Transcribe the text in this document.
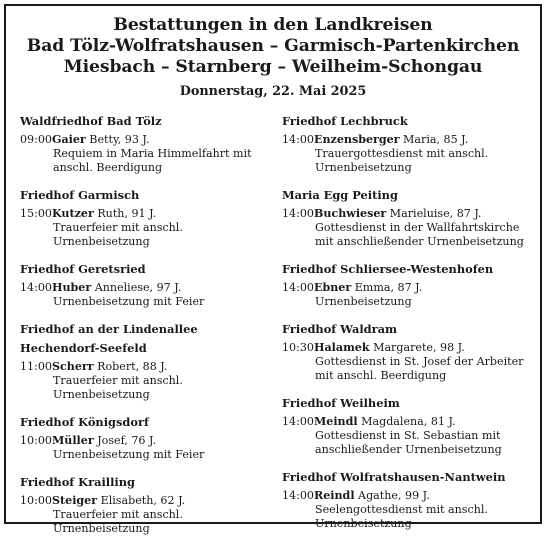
Bestattungen in den Landkreisen
Bad Tölz-Wolfratshausen – Garmisch-Partenkirchen
Miesbach – Starnberg – Weilheim-Schongau
Donnerstag, 22. Mai 2025
Waldfriedhof Bad Tölz
09:00 Gaier Betty, 93 J.
Requiem in Maria Himmelfahrt mit
anschl. Beerdigung
Friedhof Garmisch
15:00 Kutzer Ruth, 91 J.
Trauerfeier mit anschl.
Urnenbeisetzung
Friedhof Geretsried
14:00 Huber Anneliese, 97 J.
Urnenbeisetzung mit Feier
Friedhof an der Lindenallee
Hechendorf-Seefeld
11:00 Scherr Robert, 88 J.
Trauerfeier mit anschl.
Urnenbeisetzung
Friedhof Königsdorf
10:00 Müller Josef, 76 J.
Urnenbeisetzung mit Feier
Friedhof Krailling
10:00 Steiger Elisabeth, 62 J.
Trauerfeier mit anschl.
Urnenbeisetzung
Friedhof Lechbruck
14:00 Enzensberger Maria, 85 J.
Trauergottesdienst mit anschl.
Urnenbeisetzung
Maria Egg Peiting
14:00 Buchwieser Marieluise, 87 J.
Gottesdienst in der Wallfahrtskirche
mit anschließender Urnenbeisetzung
Friedhof Schliersee-Westenhofen
14:00 Ebner Emma, 87 J.
Urnenbeisetzung
Friedhof Waldram
10:30 Halamek Margarete, 98 J.
Gottesdienst in St. Josef der Arbeiter
mit anschl. Beerdigung
Friedhof Weilheim
14:00 Meindl Magdalena, 81 J.
Gottesdienst in St. Sebastian mit
anschließender Urnenbeisetzung
Friedhof Wolfratshausen-Nantwein
14:00 Reindl Agathe, 99 J.
Seelengottesdienst mit anschl.
Urnenbeisetzung
